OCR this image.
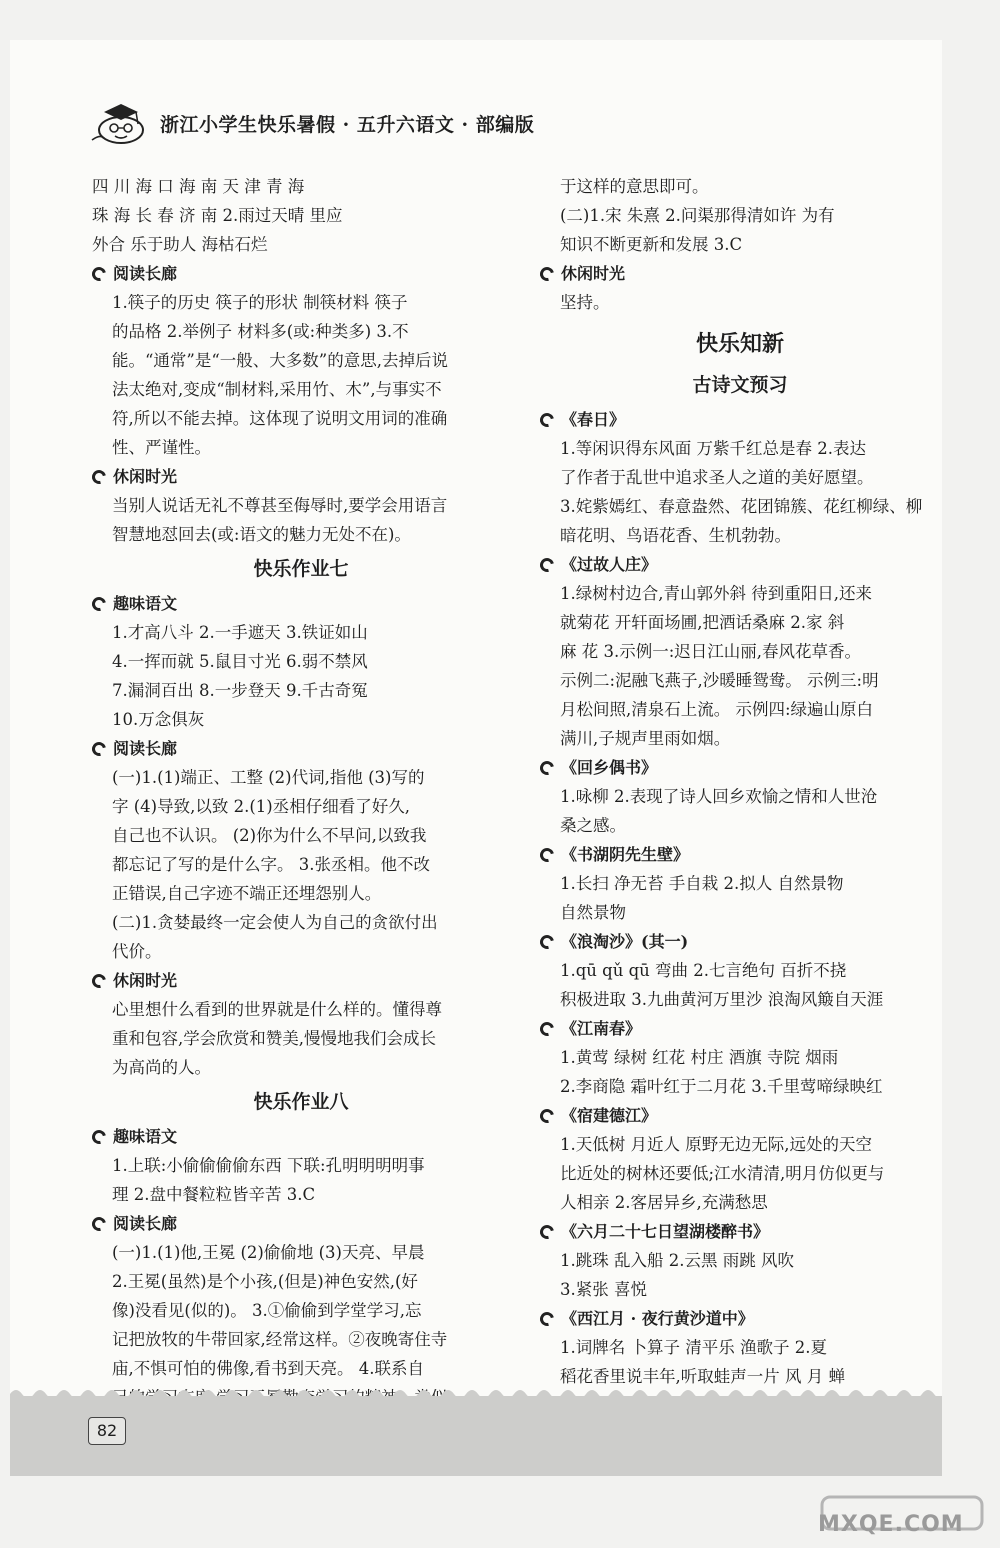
浙江小学生快乐暑假 · 五升六语文 · 部编版
四 川 海 口 海 南 天 津 青 海
珠 海 长 春 济 南 2.雨过天晴 里应
外合 乐于助人 海枯石烂
阅读长廊
1.筷子的历史 筷子的形状 制筷材料 筷子
的品格 2.举例子 材料多(或:种类多) 3.不
能。“通常”是“一般、大多数”的意思,去掉后说
法太绝对,变成“制材料,采用竹、木”,与事实不
符,所以不能去掉。这体现了说明文用词的准确
性、严谨性。
休闲时光
当别人说话无礼不尊甚至侮辱时,要学会用语言
智慧地怼回去(或:语文的魅力无处不在)。
快乐作业七
趣味语文
1.才高八斗 2.一手遮天 3.铁证如山
4.一挥而就 5.鼠目寸光 6.弱不禁风
7.漏洞百出 8.一步登天 9.千古奇冤
10.万念俱灰
阅读长廊
(一)1.(1)端正、工整 (2)代词,指他 (3)写的
字 (4)导致,以致 2.(1)丞相仔细看了好久,
自己也不认识。 (2)你为什么不早问,以致我
都忘记了写的是什么字。 3.张丞相。他不改
正错误,自己字迹不端正还埋怨别人。
(二)1.贪婪最终一定会使人为自己的贪欲付出
代价。
休闲时光
心里想什么看到的世界就是什么样的。懂得尊
重和包容,学会欣赏和赞美,慢慢地我们会成长
为高尚的人。
快乐作业八
趣味语文
1.上联:小偷偷偷偷东西 下联:孔明明明明事
理 2.盘中餐粒粒皆辛苦 3.C
阅读长廊
(一)1.(1)他,王冕 (2)偷偷地 (3)天亮、早晨
2.王冕(虽然)是个小孩,(但是)神色安然,(好
像)没看见(似的)。 3.①偷偷到学堂学习,忘
记把放牧的牛带回家,经常这样。②夜晚寄住寺
庙,不惧可怕的佛像,看书到天亮。 4.联系自
于这样的意思即可。
(二)1.宋 朱熹 2.问渠那得清如许 为有
知识不断更新和发展 3.C
休闲时光
坚持。
快乐知新
古诗文预习
《春日》
1.等闲识得东风面 万紫千红总是春 2.表达
了作者于乱世中追求圣人之道的美好愿望。
3.姹紫嫣红、春意盎然、花团锦簇、花红柳绿、柳
暗花明、鸟语花香、生机勃勃。
《过故人庄》
1.绿树村边合,青山郭外斜 待到重阳日,还来
就菊花 开轩面场圃,把酒话桑麻 2.家 斜
麻 花 3.示例一:迟日江山丽,春风花草香。
示例二:泥融飞燕子,沙暖睡鸳鸯。 示例三:明
月松间照,清泉石上流。 示例四:绿遍山原白
满川,子规声里雨如烟。
《回乡偶书》
1.咏柳 2.表现了诗人回乡欢愉之情和人世沧
桑之感。
《书湖阴先生壁》
1.长扫 净无苔 手自栽 2.拟人 自然景物
自然景物
《浪淘沙》(其一)
1.qū qǔ qū 弯曲 2.七言绝句 百折不挠
积极进取 3.九曲黄河万里沙 浪淘风簸自天涯
《江南春》
1.黄莺 绿树 红花 村庄 酒旗 寺院 烟雨
2.李商隐 霜叶红于二月花 3.千里莺啼绿映红
《宿建德江》
1.天低树 月近人 原野无边无际,远处的天空
比近处的树林还要低;江水清清,明月仿似更与
人相亲 2.客居异乡,充满愁思
《六月二十七日望湖楼醉书》
1.跳珠 乱入船 2.云黑 雨跳 风吹
3.紧张 喜悦
《西江月 · 夜行黄沙道中》
1.词牌名 卜算子 清平乐 渔歌子 2.夏
稻花香里说丰年,听取蛙声一片 风 月 蝉
82
MXQE.COM
